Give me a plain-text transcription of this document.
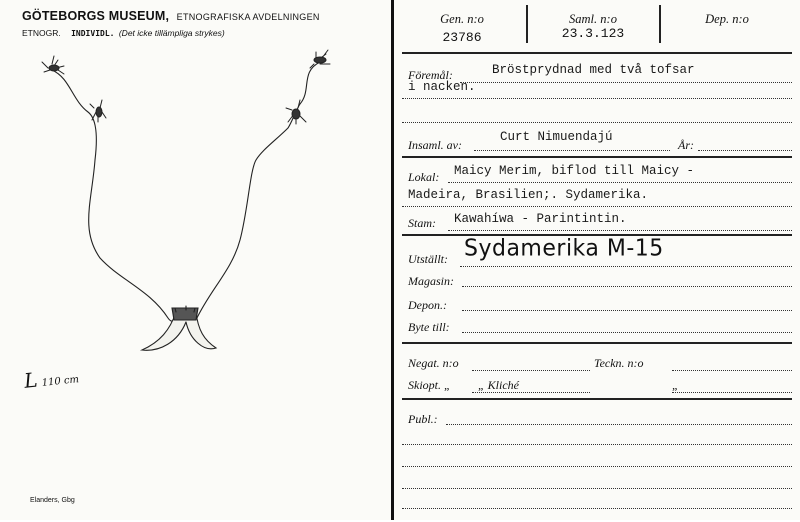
GÖTEBORGS MUSEUM, ETNOGRAFISKA AVDELNINGEN
ETNOGR. INDIVIDL. (Det icke tillämpliga strykes)
L 110 cm
Elanders, Gbg
Gen. n:o
23786
Saml. n:o
23.3.123
Dep. n:o
Föremål:	Bröstprydnad med två tofsar
i nacken.
Insaml. av:
Curt Nimuendajú
År:
Lokal: Maicy Merim, biflod till Maicy -
Madeira, Brasilien;. Sydamerika.
Stam: Kawahíwa - Parintintin.
Utställt: Sydamerika M-15
Magasin:
Depon.:
Byte till:
Negat. n:o	Teckn. n:o
Skiopt. „ „ Kliché	„
Publ.:
